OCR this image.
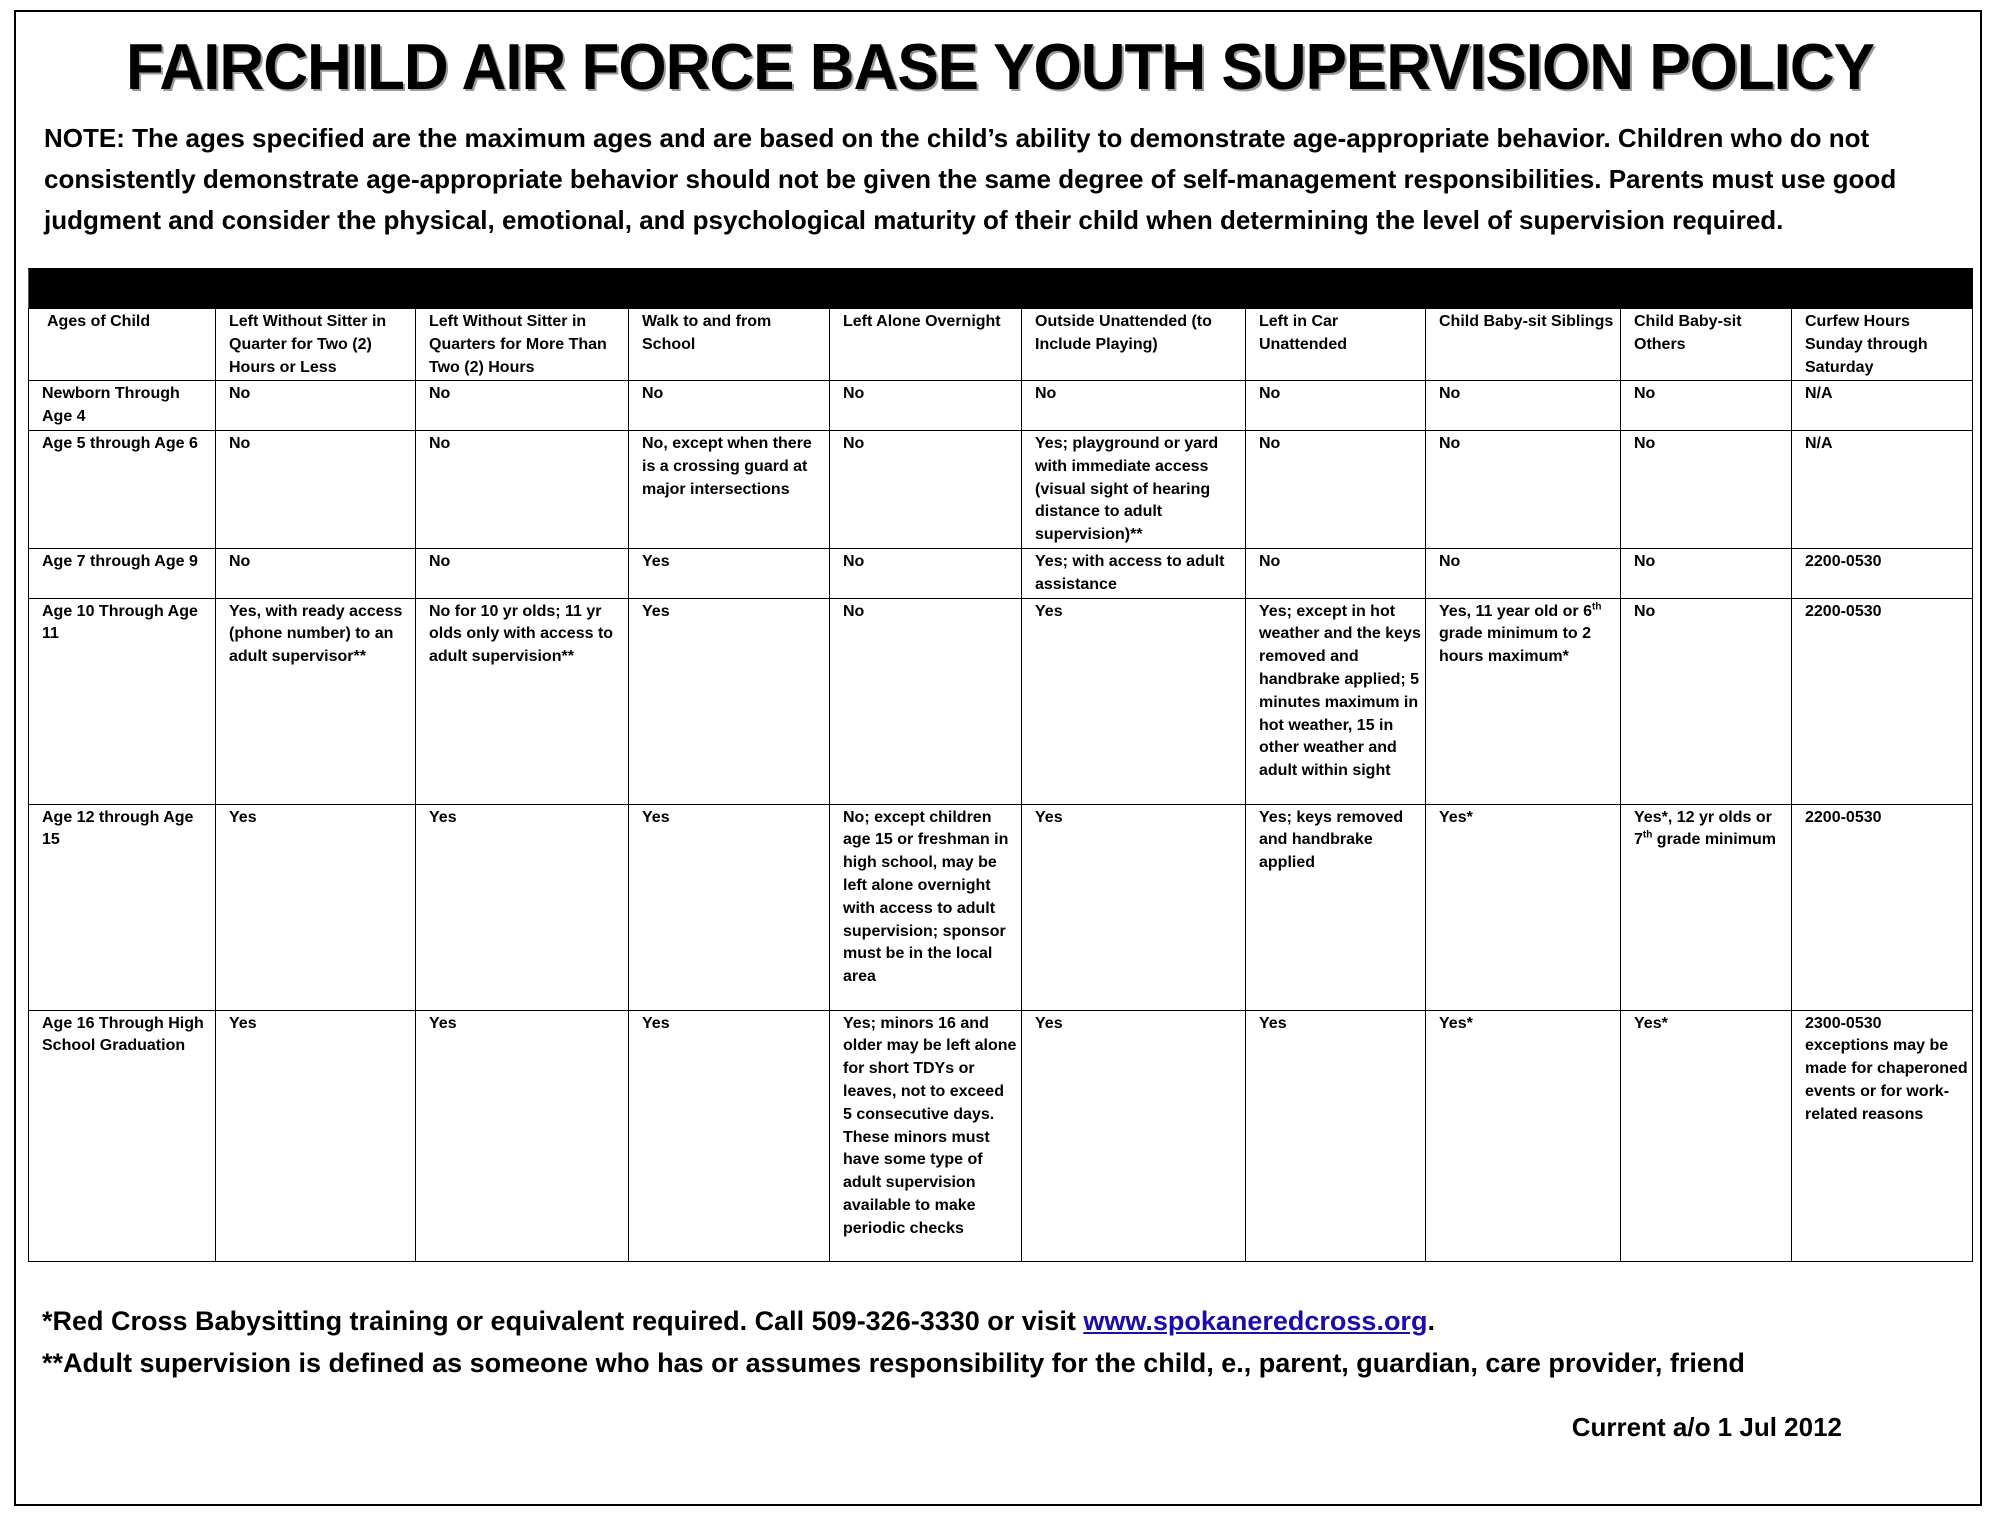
FAIRCHILD AIR FORCE BASE YOUTH SUPERVISION POLICY
NOTE: The ages specified are the maximum ages and are based on the child’s ability to demonstrate age-appropriate behavior. Children who do not consistently demonstrate age-appropriate behavior should not be given the same degree of self-management responsibilities. Parents must use good judgment and consider the physical, emotional, and psychological maturity of their child when determining the level of supervision required.

Ages of Child	Left Without Sitter in Quarter for Two (2) Hours or Less	Left Without Sitter in Quarters for More Than Two (2) Hours	Walk to and from School	Left Alone Overnight	Outside Unattended (to Include Playing)	Left in Car Unattended	Child Baby-sit Siblings	Child Baby-sit Others	Curfew Hours Sunday through Saturday
Newborn Through Age 4	No	No	No	No	No	No	No	No	N/A
Age 5 through Age 6	No	No	No, except when there is a crossing guard at major intersections	No	Yes; playground or yard with immediate access (visual sight of hearing distance to adult supervision)**	No	No	No	N/A
Age 7 through Age 9	No	No	Yes	No	Yes; with access to adult assistance	No	No	No	2200-0530
Age 10 Through Age 11	Yes, with ready access (phone number) to an adult supervisor**	No for 10 yr olds; 11 yr olds only with access to adult supervision**	Yes	No	Yes	Yes; except in hot weather and the keys removed and handbrake applied; 5 minutes maximum in hot weather, 15 in other weather and adult within sight	Yes, 11 year old or 6th grade minimum to 2 hours maximum*	No	2200-0530
Age 12 through Age 15	Yes	Yes	Yes	No; except children age 15 or freshman in high school, may be left alone overnight with access to adult supervision; sponsor must be in the local area	Yes	Yes; keys removed and handbrake applied	Yes*	Yes*, 12 yr olds or 7th grade minimum	2200-0530
Age 16 Through High School Graduation	Yes	Yes	Yes	Yes; minors 16 and older may be left alone for short TDYs or leaves, not to exceed 5 consecutive days. These minors must have some type of adult supervision available to make periodic checks	Yes	Yes	Yes*	Yes*	2300-0530 exceptions may be made for chaperoned events or for work-related reasons
*Red Cross Babysitting training or equivalent required. Call 509-326-3330 or visit www.spokaneredcross.org.
**Adult supervision is defined as someone who has or assumes responsibility for the child, e., parent, guardian, care provider, friend
Current a/o 1 Jul 2012
